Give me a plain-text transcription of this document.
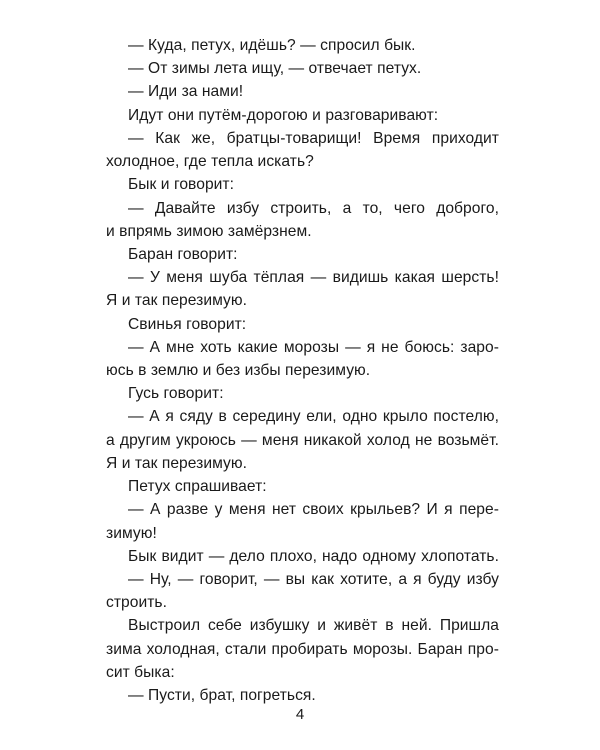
— Куда, петух, идёшь? — спросил бык.
— От зимы лета ищу, — отвечает петух.
— Иди за нами!
Идут они путём-дорогою и разговаривают:
— Как же, братцы-товарищи! Время приходит
холодное, где тепла искать?
Бык и говорит:
— Давайте избу строить, а то, чего доброго,
и впрямь зимою замёрзнем.
Баран говорит:
— У меня шуба тёплая — видишь какая шерсть!
Я и так перезимую.
Свинья говорит:
— А мне хоть какие морозы — я не боюсь: заро-
юсь в землю и без избы перезимую.
Гусь говорит:
— А я сяду в середину ели, одно крыло постелю,
а другим укроюсь — меня никакой холод не возьмёт.
Я и так перезимую.
Петух спрашивает:
— А разве у меня нет своих крыльев? И я пере-
зимую!
Бык видит — дело плохо, надо одному хлопотать.
— Ну, — говорит, — вы как хотите, а я буду избу
строить.
Выстроил себе избушку и живёт в ней. Пришла
зима холодная, стали пробирать морозы. Баран про-
сит быка:
— Пусти, брат, погреться.
4
